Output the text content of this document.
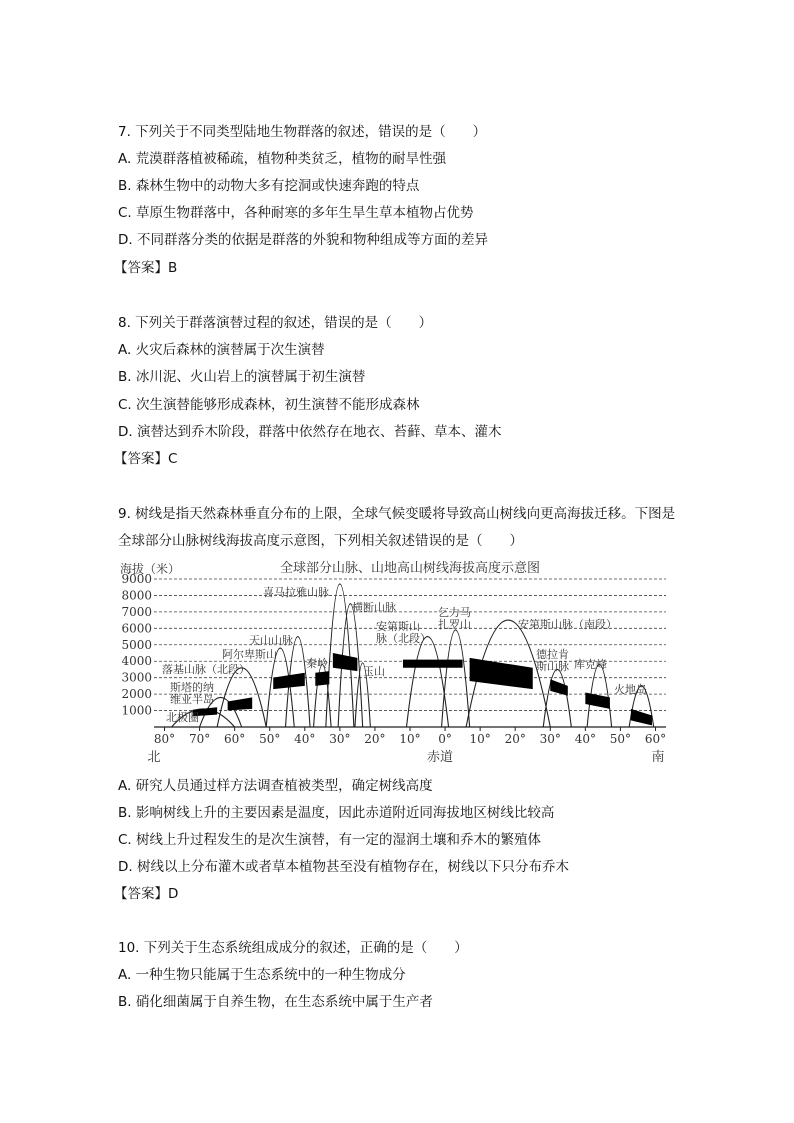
7. 下列关于不同类型陆地生物群落的叙述，错误的是（　　）
A. 荒漠群落植被稀疏，植物种类贫乏，植物的耐旱性强
B. 森林生物中的动物大多有挖洞或快速奔跑的特点
C. 草原生物群落中，各种耐寒的多年生旱生草本植物占优势
D. 不同群落分类的依据是群落的外貌和物种组成等方面的差异
【答案】B
8. 下列关于群落演替过程的叙述，错误的是（　　）
A. 火灾后森林的演替属于次生演替
B. 冰川泥、火山岩上的演替属于初生演替
C. 次生演替能够形成森林，初生演替不能形成森林
D. 演替达到乔木阶段，群落中依然存在地衣、苔藓、草本、灌木
【答案】C
9. 树线是指天然森林垂直分布的上限，全球气候变暖将导致高山树线向更高海拔迁移。下图是全球部分山脉树线海拔高度示意图，下列相关叙述错误的是（　　）
海拔（米）	全球部分山脉、山地高山树线海拔高度示意图
1000
2000
3000
4000
5000
6000
7000
8000
9000
北极圈
斯塔的纳
维亚半岛
落基山脉（北段）
阿尔卑斯山
天山山脉
秦岭
喜马拉雅山脉
横断山脉
玉山
安第斯山
脉（北段）
乞力马
扎罗山	安第斯山脉（南段）
德拉肯
斯山脉 库克峰
火地岛
80° 70° 60° 50° 40° 30° 20° 10° 0° 10° 20° 30° 40° 50° 60°
北	赤道	南
A. 研究人员通过样方法调查植被类型，确定树线高度
B. 影响树线上升的主要因素是温度，因此赤道附近同海拔地区树线比较高
C. 树线上升过程发生的是次生演替，有一定的湿润土壤和乔木的繁殖体
D. 树线以上分布灌木或者草本植物甚至没有植物存在，树线以下只分布乔木
【答案】D
10. 下列关于生态系统组成成分的叙述，正确的是（　　）
A. 一种生物只能属于生态系统中的一种生物成分
B. 硝化细菌属于自养生物，在生态系统中属于生产者
